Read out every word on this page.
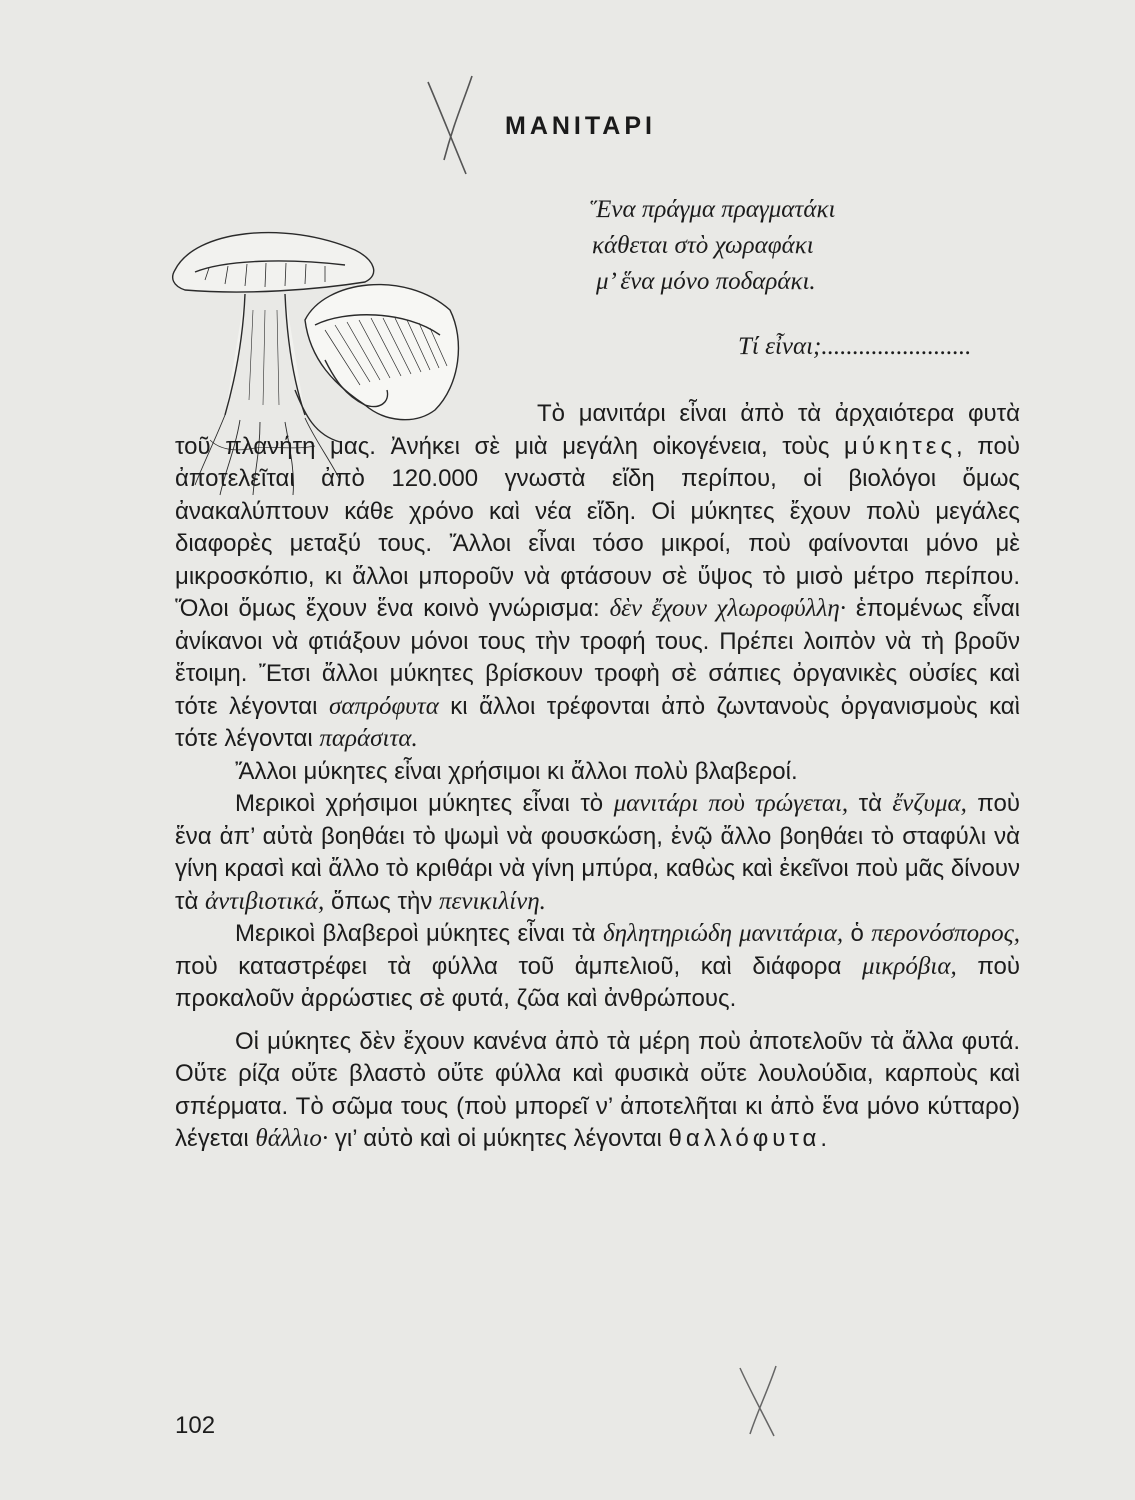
ΜΑΝΙΤΑΡΙ
Ἕνα πράγμα πραγματάκι
κάθεται στὸ χωραφάκι
μ’ ἕνα μόνο ποδαράκι.
Τί εἶναι;........................

Τὸ μανιτάρι εἶναι ἀπὸ τὰ ἀρχαιότερα φυτὰ τοῦ πλανήτη μας. Ἀνήκει σὲ μιὰ μεγάλη οἰκογένεια, τοὺς μύκητες, ποὺ ἀποτελεῖται ἀπὸ 120.000 γνωστὰ εἴδη περίπου, οἱ βιολόγοι ὅμως ἀνακαλύπτουν κάθε χρόνο καὶ νέα εἴδη. Οἱ μύκητες ἔχουν πολὺ μεγάλες διαφορὲς μεταξύ τους. Ἄλλοι εἶναι τόσο μικροί, ποὺ φαίνονται μόνο μὲ μικροσκόπιο, κι ἄλλοι μποροῦν νὰ φτάσουν σὲ ὕψος τὸ μισὸ μέτρο περίπου. Ὅλοι ὅμως ἔχουν ἕνα κοινὸ γνώρισμα: δὲν ἔχουν χλωροφύλλη· ἑπομένως εἶναι ἀνίκανοι νὰ φτιάξουν μόνοι τους τὴν τροφή τους. Πρέπει λοιπὸν νὰ τὴ βροῦν ἕτοιμη. Ἔτσι ἄλλοι μύκητες βρίσκουν τροφὴ σὲ σάπιες ὀργανικὲς οὐσίες καὶ τότε λέγονται σαπρόφυτα κι ἄλλοι τρέφονται ἀπὸ ζωντανοὺς ὀργανισμοὺς καὶ τότε λέγονται παράσιτα.

Ἄλλοι μύκητες εἶναι χρήσιμοι κι ἄλλοι πολὺ βλαβεροί.

Μερικοὶ χρήσιμοι μύκητες εἶναι τὸ μανιτάρι ποὺ τρώγεται, τὰ ἔνζυμα, ποὺ ἕνα ἀπ’ αὐτὰ βοηθάει τὸ ψωμὶ νὰ φουσκώση, ἐνῷ ἄλλο βοηθάει τὸ σταφύλι νὰ γίνη κρασὶ καὶ ἄλλο τὸ κριθάρι νὰ γίνη μπύρα, καθὼς καὶ ἐκεῖνοι ποὺ μᾶς δίνουν τὰ ἀντιβιοτικά, ὅπως τὴν πενικιλίνη.

Μερικοὶ βλαβεροὶ μύκητες εἶναι τὰ δηλητηριώδη μανιτάρια, ὁ περονόσπορος, ποὺ καταστρέφει τὰ φύλλα τοῦ ἀμπελιοῦ, καὶ διάφορα μικρόβια, ποὺ προκαλοῦν ἀρρώστιες σὲ φυτά, ζῶα καὶ ἀνθρώπους.

Οἱ μύκητες δὲν ἔχουν κανένα ἀπὸ τὰ μέρη ποὺ ἀποτελοῦν τὰ ἄλλα φυτά. Οὔτε ρίζα οὔτε βλαστὸ οὔτε φύλλα καὶ φυσικὰ οὔτε λουλούδια, καρποὺς καὶ σπέρματα. Τὸ σῶμα τους (ποὺ μπορεῖ ν’ ἀποτελῆται κι ἀπὸ ἕνα μόνο κύτταρο) λέγεται θάλλιο· γι’ αὐτὸ καὶ οἱ μύκητες λέγονται θαλλόφυτα.

102
